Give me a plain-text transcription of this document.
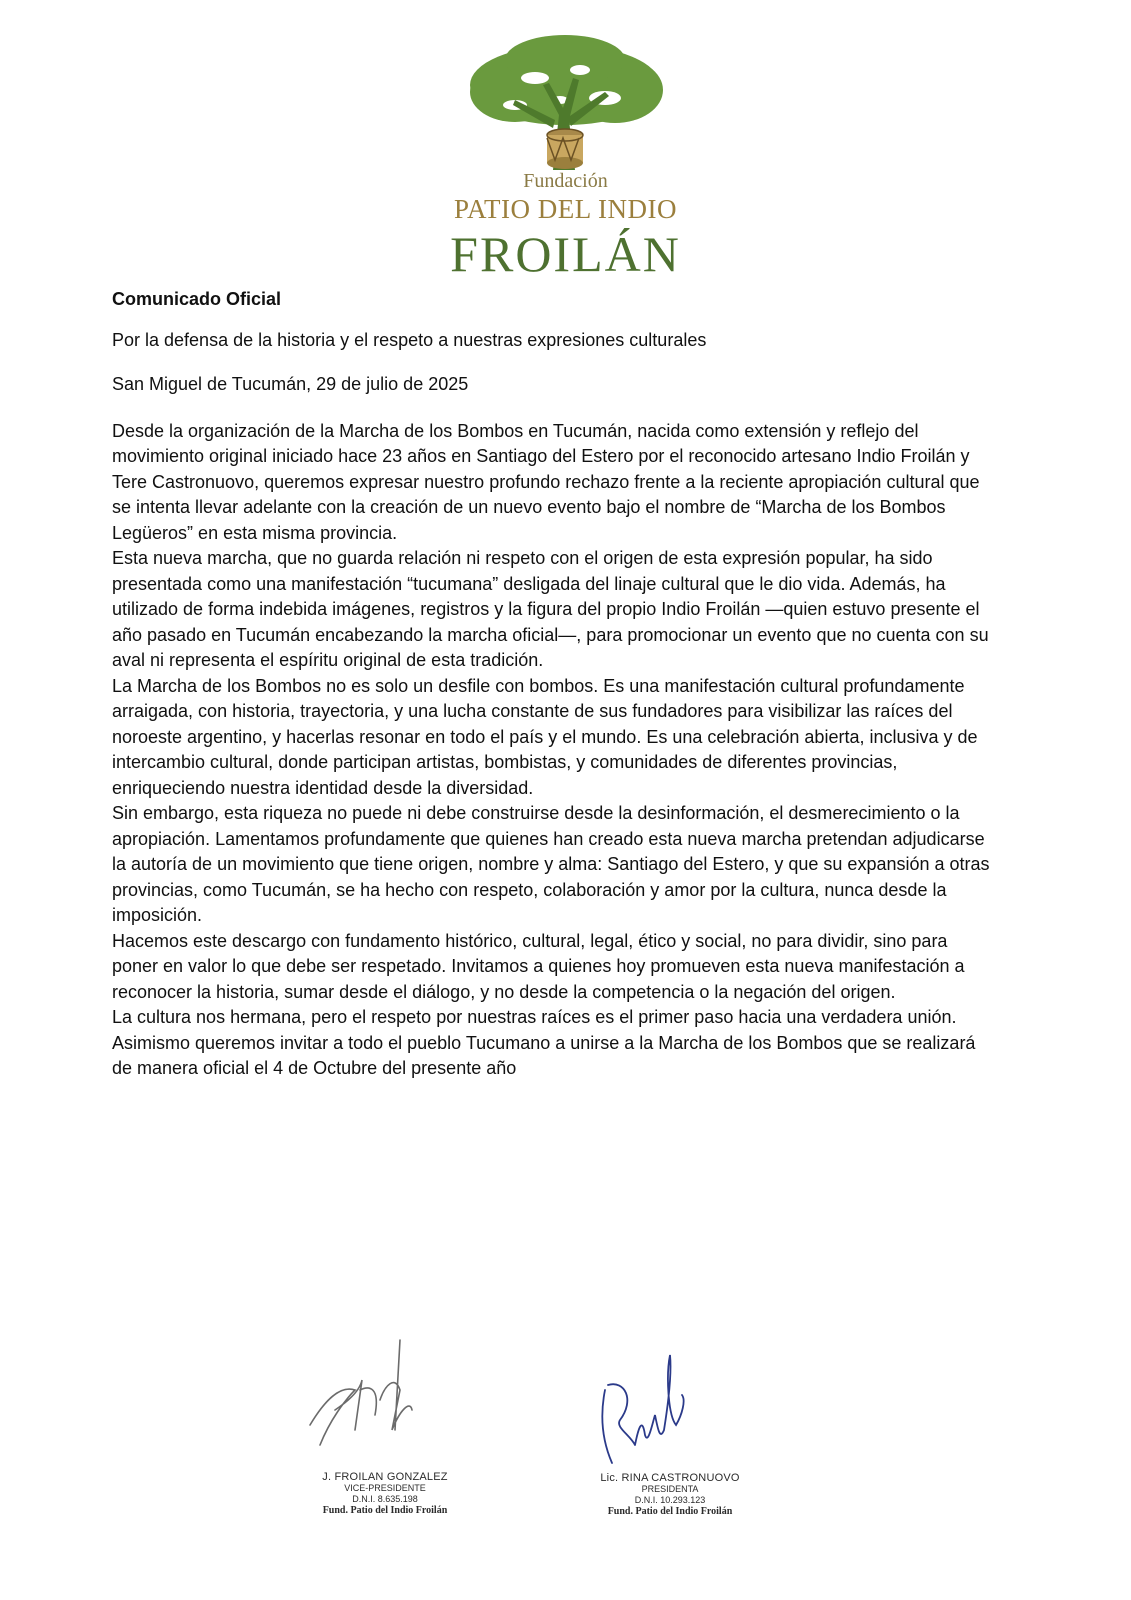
Fundación
PATIO DEL INDIO
FROILÁN

Comunicado Oficial

Por la defensa de la historia y el respeto a nuestras expresiones culturales

San Miguel de Tucumán, 29 de julio de 2025

Desde la organización de la Marcha de los Bombos en Tucumán, nacida como extensión y reflejo del movimiento original iniciado hace 23 años en Santiago del Estero por el reconocido artesano Indio Froilán y Tere Castronuovo, queremos expresar nuestro profundo rechazo frente a la reciente apropiación cultural que se intenta llevar adelante con la creación de un nuevo evento bajo el nombre de “Marcha de los Bombos Legüeros” en esta misma provincia.

Esta nueva marcha, que no guarda relación ni respeto con el origen de esta expresión popular, ha sido presentada como una manifestación “tucumana” desligada del linaje cultural que le dio vida. Además, ha utilizado de forma indebida imágenes, registros y la figura del propio Indio Froilán —quien estuvo presente el año pasado en Tucumán encabezando la marcha oficial—, para promocionar un evento que no cuenta con su aval ni representa el espíritu original de esta tradición.

La Marcha de los Bombos no es solo un desfile con bombos. Es una manifestación cultural profundamente arraigada, con historia, trayectoria, y una lucha constante de sus fundadores para visibilizar las raíces del noroeste argentino, y hacerlas resonar en todo el país y el mundo. Es una celebración abierta, inclusiva y de intercambio cultural, donde participan artistas, bombistas, y comunidades de diferentes provincias, enriqueciendo nuestra identidad desde la diversidad.

Sin embargo, esta riqueza no puede ni debe construirse desde la desinformación, el desmerecimiento o la apropiación. Lamentamos profundamente que quienes han creado esta nueva marcha pretendan adjudicarse la autoría de un movimiento que tiene origen, nombre y alma: Santiago del Estero, y que su expansión a otras provincias, como Tucumán, se ha hecho con respeto, colaboración y amor por la cultura, nunca desde la imposición.

Hacemos este descargo con fundamento histórico, cultural, legal, ético y social, no para dividir, sino para poner en valor lo que debe ser respetado. Invitamos a quienes hoy promueven esta nueva manifestación a reconocer la historia, sumar desde el diálogo, y no desde la competencia o la negación del origen.

La cultura nos hermana, pero el respeto por nuestras raíces es el primer paso hacia una verdadera unión.

Asimismo queremos invitar a todo el pueblo Tucumano a unirse a la Marcha de los Bombos que se realizará de manera oficial el 4 de Octubre del presente año

J. FROILAN GONZALEZ
VICE-PRESIDENTE
D.N.I. 8.635.198
Fund. Patio del Indio Froilán
Lic. RINA CASTRONUOVO
PRESIDENTA
D.N.I. 10.293.123
Fund. Patio del Indio Froilán
